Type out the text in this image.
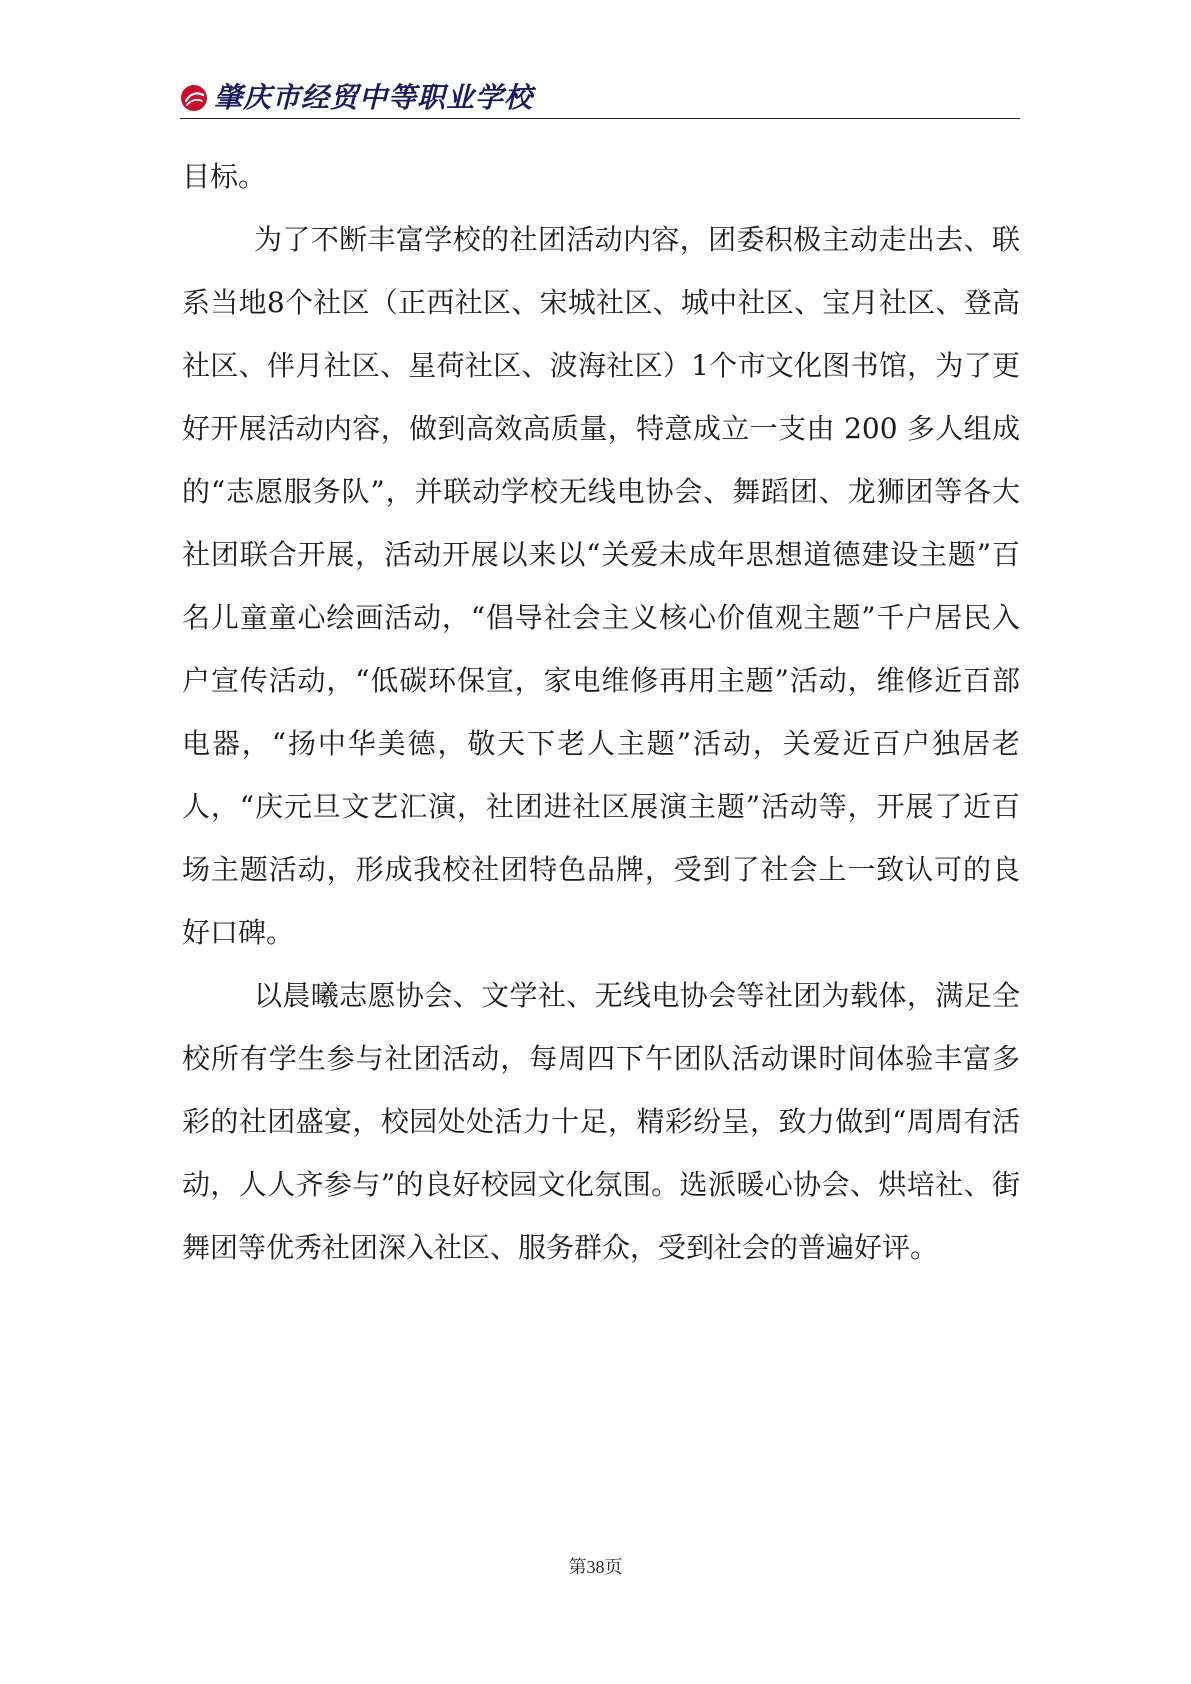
肇庆市经贸中等职业学校

目标。

为了不断丰富学校的社团活动内容，团委积极主动走出去、联系当地8个社区（正西社区、宋城社区、城中社区、宝月社区、登高社区、伴月社区、星荷社区、波海社区）1个市文化图书馆，为了更好开展活动内容，做到高效高质量，特意成立一支由 200 多人组成的“志愿服务队”，并联动学校无线电协会、舞蹈团、龙狮团等各大社团联合开展，活动开展以来以“关爱未成年思想道德建设主题”百名儿童童心绘画活动，“倡导社会主义核心价值观主题”千户居民入户宣传活动，“低碳环保宣，家电维修再用主题”活动，维修近百部电器，“扬中华美德，敬天下老人主题”活动，关爱近百户独居老人，“庆元旦文艺汇演，社团进社区展演主题”活动等，开展了近百场主题活动，形成我校社团特色品牌，受到了社会上一致认可的良好口碑。

以晨曦志愿协会、文学社、无线电协会等社团为载体，满足全校所有学生参与社团活动，每周四下午团队活动课时间体验丰富多彩的社团盛宴，校园处处活力十足，精彩纷呈，致力做到“周周有活动，人人齐参与”的良好校园文化氛围。选派暖心协会、烘培社、街舞团等优秀社团深入社区、服务群众，受到社会的普遍好评。

第38页
